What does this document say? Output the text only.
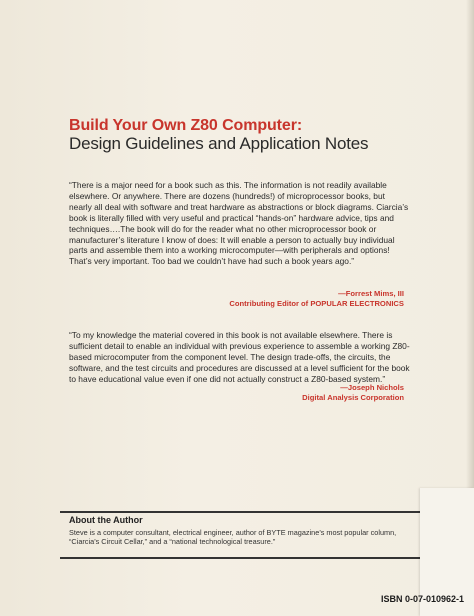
Build Your Own Z80 Computer:
Design Guidelines and Application Notes
“There is a major need for a book such as this. The information is not readily available elsewhere. Or anywhere. There are dozens (hundreds!) of microprocessor books, but nearly all deal with software and treat hardware as abstractions or block diagrams. Ciarcia’s book is literally filled with very useful and practical “hands-on” hardware advice, tips and techniques….The book will do for the reader what no other microprocessor book or manufacturer’s literature I know of does: It will enable a person to actually buy individual parts and assemble them into a working microcomputer—with peripherals and options! That’s very important. Too bad we couldn’t have had such a book years ago.”
—Forrest Mims, III
Contributing Editor of POPULAR ELECTRONICS
“To my knowledge the material covered in this book is not available elsewhere. There is sufficient detail to enable an individual with previous experience to assemble a working Z80-based microcomputer from the component level. The design trade-offs, the circuits, the software, and the test circuits and procedures are discussed at a level sufficient for the book to have educational value even if one did not actually construct a Z80-based system.”
—Joseph Nichols
Digital Analysis Corporation
About the Author
Steve is a computer consultant, electrical engineer, author of BYTE magazine’s most popular column, “Ciarcia’s Circuit Cellar,” and a “national technological treasure.”
ISBN 0-07-010962-1
